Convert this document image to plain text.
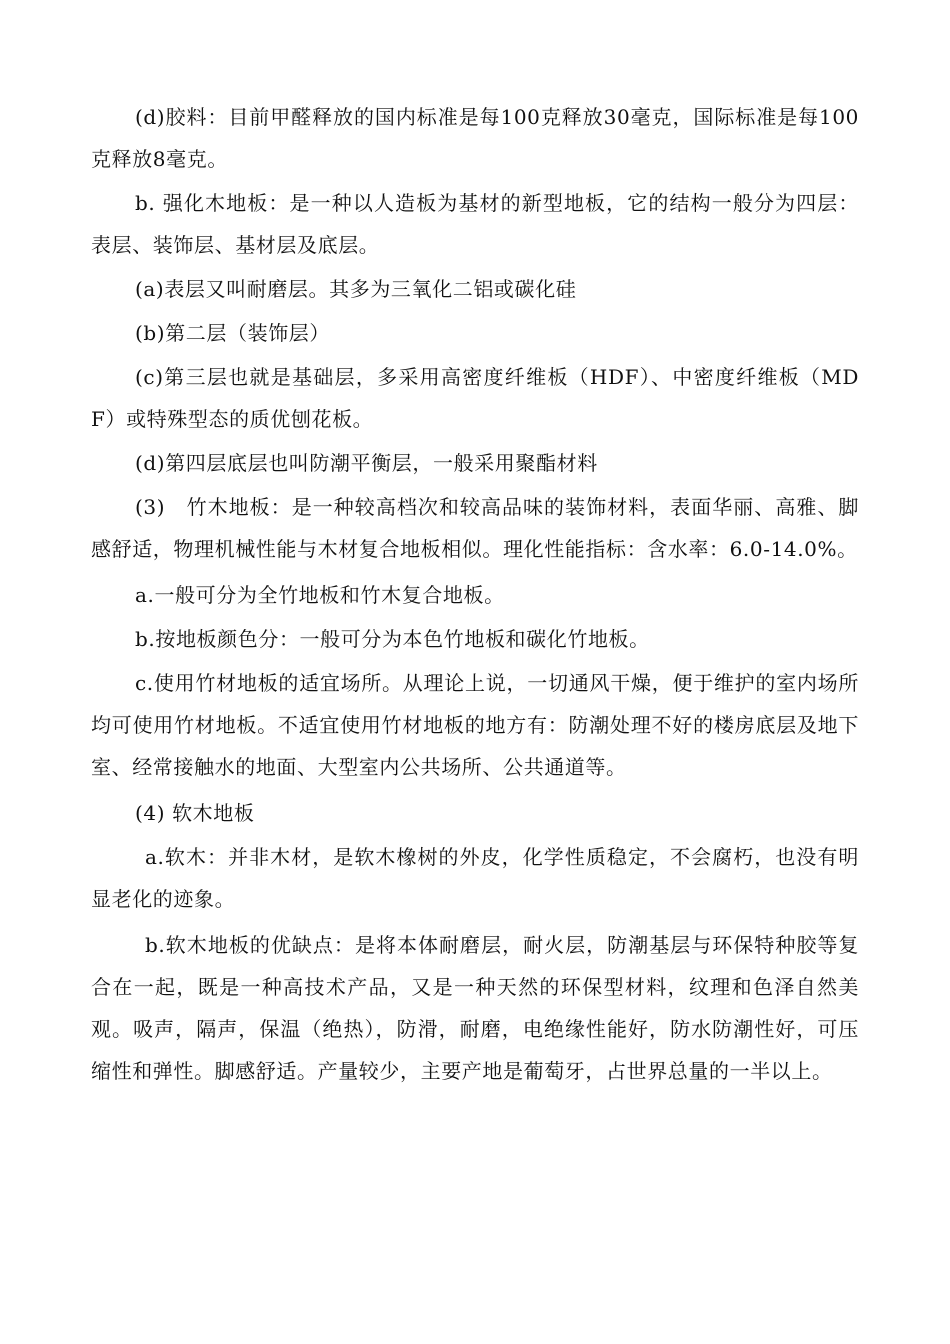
(d)胶料：目前甲醛释放的国内标准是每100克释放30毫克，国际标准是每100克释放8毫克。

b. 强化木地板：是一种以人造板为基材的新型地板，它的结构一般分为四层：表层、装饰层、基材层及底层。

(a)表层又叫耐磨层。其多为三氧化二铝或碳化硅

(b)第二层（装饰层）

(c)第三层也就是基础层，多采用高密度纤维板（HDF）、中密度纤维板（MDF）或特殊型态的质优刨花板。

(d)第四层底层也叫防潮平衡层，一般采用聚酯材料

(3)　竹木地板：是一种较高档次和较高品味的装饰材料，表面华丽、高雅、脚感舒适，物理机械性能与木材复合地板相似。理化性能指标：含水率：6.0-14.0%。

a.一般可分为全竹地板和竹木复合地板。

b.按地板颜色分：一般可分为本色竹地板和碳化竹地板。

c.使用竹材地板的适宜场所。从理论上说，一切通风干燥，便于维护的室内场所均可使用竹材地板。不适宜使用竹材地板的地方有：防潮处理不好的楼房底层及地下室、经常接触水的地面、大型室内公共场所、公共通道等。

(4) 软木地板

a.软木：并非木材，是软木橡树的外皮，化学性质稳定，不会腐朽，也没有明显老化的迹象。

b.软木地板的优缺点：是将本体耐磨层，耐火层，防潮基层与环保特种胶等复合在一起，既是一种高技术产品，又是一种天然的环保型材料，纹理和色泽自然美观。吸声，隔声，保温（绝热），防滑，耐磨，电绝缘性能好，防水防潮性好，可压缩性和弹性。脚感舒适。产量较少，主要产地是葡萄牙，占世界总量的一半以上。
